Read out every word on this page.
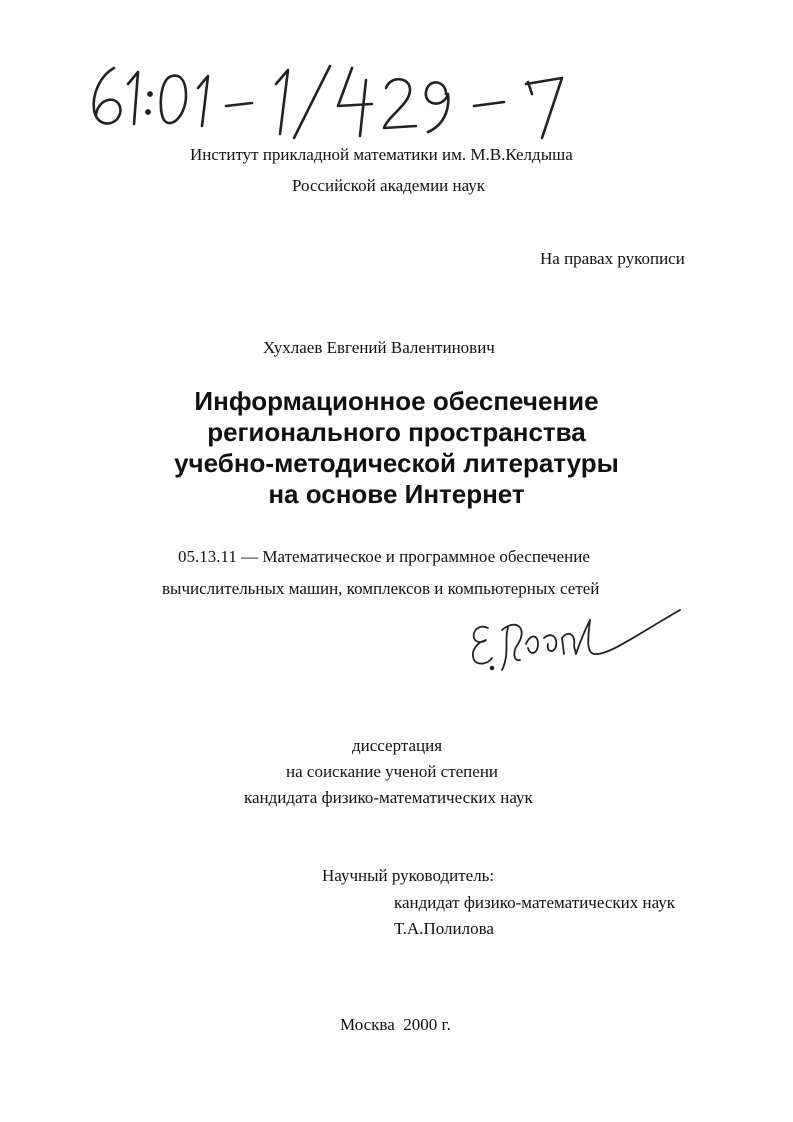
Институт прикладной математики им. М.В.Келдыша
Российской академии наук
На правах рукописи
Хухлаев Евгений Валентинович
Информационное обеспечение
регионального пространства
учебно-методической литературы
на основе Интернет
05.13.11 — Математическое и программное обеспечение
вычислительных машин, комплексов и компьютерных сетей
диссертация
на соискание ученой степени
кандидата физико-математических наук
Научный руководитель:
кандидат физико-математических наук
Т.А.Полилова
Москва  2000 г.
